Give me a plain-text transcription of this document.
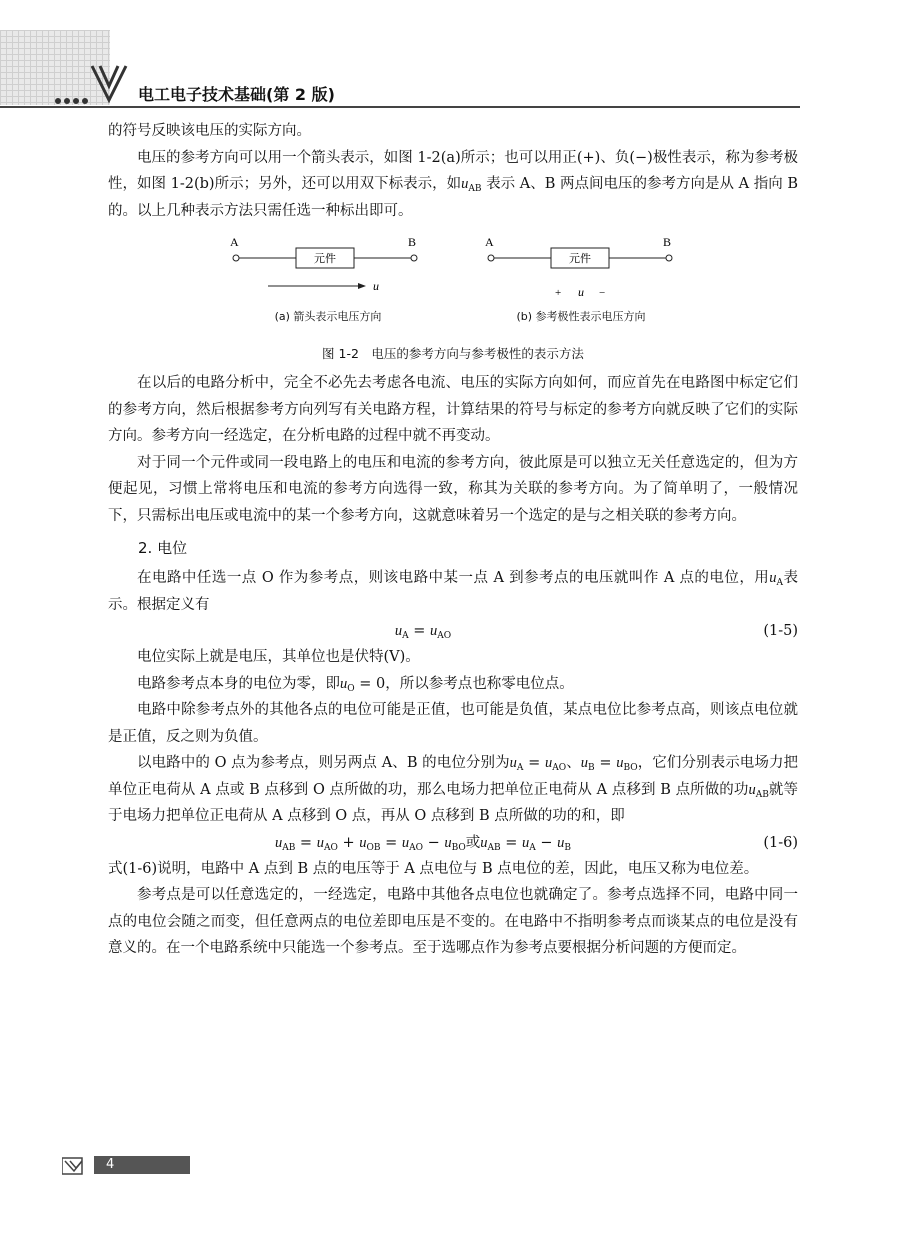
电工电子技术基础(第 2 版)

的符号反映该电压的实际方向。

电压的参考方向可以用一个箭头表示，如图 1-2(a)所示；也可以用正(+)、负(−)极性表示，称为参考极性，如图 1-2(b)所示；另外，还可以用双下标表示，如$u_{AB}$ 表示 A、B 两点间电压的参考方向是从 A 指向 B 的。以上几种表示方法只需任选一种标出即可。

A	B
元件
u
(a) 箭头表示电压方向
A	B
元件
+ u −
(b) 参考极性表示电压方向
图 1-2　电压的参考方向与参考极性的表示方法

在以后的电路分析中，完全不必先去考虑各电流、电压的实际方向如何，而应首先在电路图中标定它们的参考方向，然后根据参考方向列写有关电路方程，计算结果的符号与标定的参考方向就反映了它们的实际方向。参考方向一经选定，在分析电路的过程中就不再变动。

对于同一个元件或同一段电路上的电压和电流的参考方向，彼此原是可以独立无关任意选定的，但为方便起见，习惯上常将电压和电流的参考方向选得一致，称其为关联的参考方向。为了简单明了，一般情况下，只需标出电压或电流中的某一个参考方向，这就意味着另一个选定的是与之相关联的参考方向。

2. 电位

在电路中任选一点 O 作为参考点，则该电路中某一点 A 到参考点的电压就叫作 A 点的电位，用$u_A$表示。根据定义有

$u_A = u_{AO}$	(1-5)

电位实际上就是电压，其单位也是伏特(V)。

电路参考点本身的电位为零，即$u_O = 0$，所以参考点也称零电位点。

电路中除参考点外的其他各点的电位可能是正值，也可能是负值，某点电位比参考点高，则该点电位就是正值，反之则为负值。

以电路中的 O 点为参考点，则另两点 A、B 的电位分别为$u_A = u_{AO}$、$u_B = u_{BO}$，它们分别表示电场力把单位正电荷从 A 点或 B 点移到 O 点所做的功，那么电场力把单位正电荷从 A 点移到 B 点所做的功$u_{AB}$就等于电场力把单位正电荷从 A 点移到 O 点，再从 O 点移到 B 点所做的功的和，即

$u_{AB} = u_{AO} + u_{OB} = u_{AO} - u_{BO}$或$u_{AB} = u_A - u_B$	(1-6)

式(1-6)说明，电路中 A 点到 B 点的电压等于 A 点电位与 B 点电位的差，因此，电压又称为电位差。

参考点是可以任意选定的，一经选定，电路中其他各点电位也就确定了。参考点选择不同，电路中同一点的电位会随之而变，但任意两点的电位差即电压是不变的。在电路中不指明参考点而谈某点的电位是没有意义的。在一个电路系统中只能选一个参考点。至于选哪点作为参考点要根据分析问题的方便而定。

4
